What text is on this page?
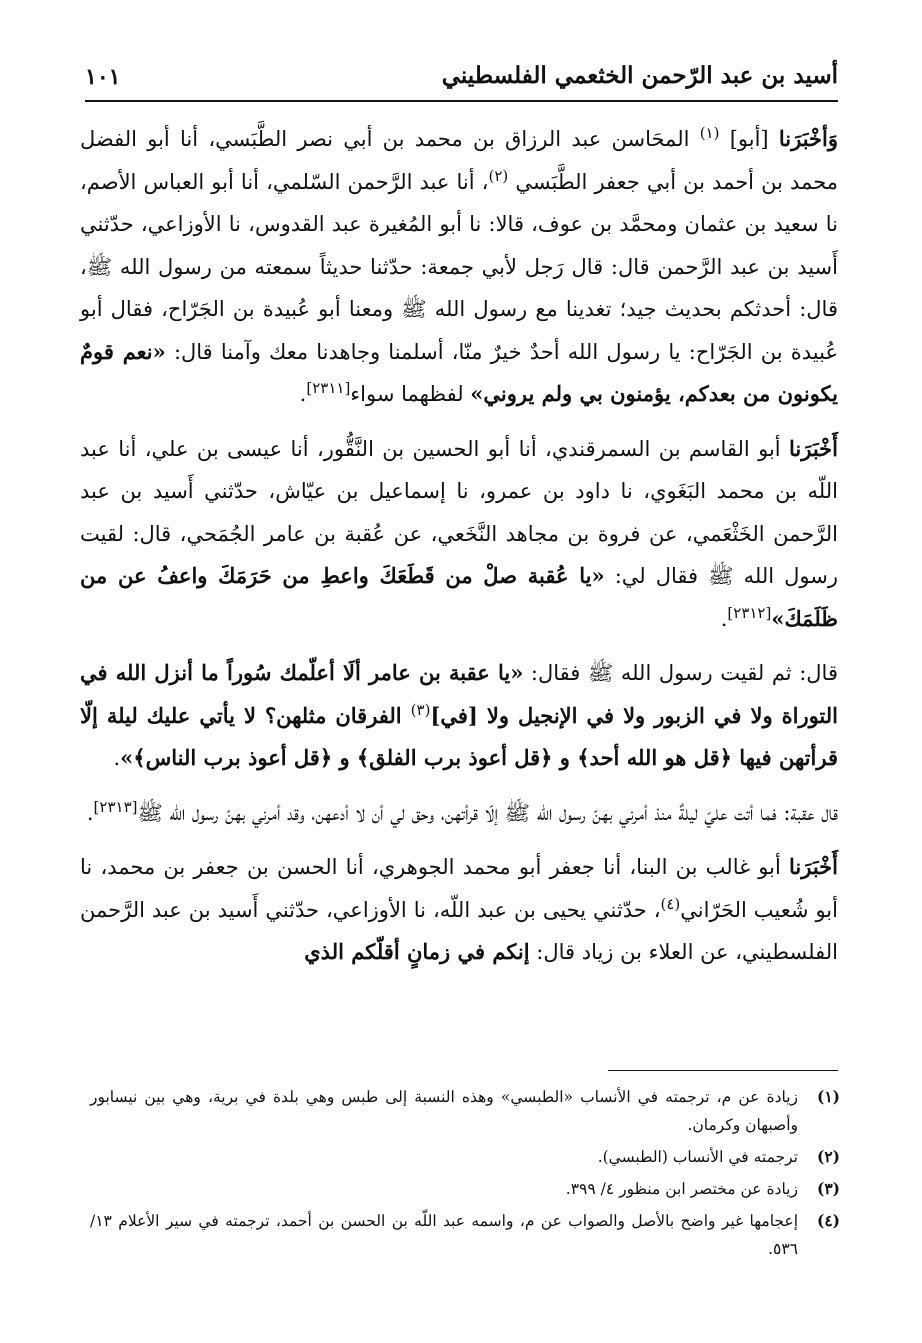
أسيد بن عبد الرّحمن الخثعمي الفلسطيني
١٠١

وَأخْبَرَنا [أبو] $^{(١)}$ المحَاسن عبد الرزاق بن محمد بن أبي نصر الطَّبَسي، أنا أبو الفضل محمد بن أحمد بن أبي جعفر الطَّبَسي $^{(٢)}$، أنا عبد الرَّحمن السّلمي، أنا أبو العباس الأصم، نا سعيد بن عثمان ومحمَّد بن عوف، قالا: نا أبو المُغيرة عبد القدوس، نا الأوزاعي، حدّثني أَسيد بن عبد الرَّحمن قال: قال رَجل لأبي جمعة: حدّثنا حديثاً سمعته من رسول الله ﷺ، قال: أحدثكم بحديث جيد؛ تغدينا مع رسول الله ﷺ ومعنا أبو عُبيدة بن الجَرّاح، فقال أبو عُبيدة بن الجَرّاح: يا رسول الله أحدٌ خيرٌ منّا، أسلمنا وجاهدنا معك وآمنا قال: «نعم قومٌ يكونون من بعدكم، يؤمنون بي ولم يروني» لفظهما سواء[٢٣١١].

أَخْبَرَنا أبو القاسم بن السمرقندي، أنا أبو الحسين بن النَّقُّور، أنا عيسى بن علي، أنا عبد اللّه بن محمد البَغَوي، نا داود بن عمرو، نا إسماعيل بن عيّاش، حدّثني أَسيد بن عبد الرَّحمن الخَثْعَمي، عن فروة بن مجاهد النَّخَعي، عن عُقبة بن عامر الجُمَحي، قال: لقيت رسول الله ﷺ فقال لي: «يا عُقبة صلْ من قَطَعَكَ واعطِ من حَرَمَكَ واعفُ عن من ظَلَمَكَ»[٢٣١٢].

قال: ثم لقيت رسول الله ﷺ فقال: «يا عقبة بن عامر ألَا أعلّمك سُوراً ما أنزل الله في التوراة ولا في الزبور ولا في الإنجيل ولا [في]$^{(٣)}$ الفرقان مثلهن؟ لا يأتي عليك ليلة إلّا قرأتهن فيها ﴿قل هو الله أحد﴾ و ﴿قل أعوذ برب الفلق﴾ و ﴿قل أعوذ برب الناس﴾».

قال عقبة: فما أتت عليّ ليلةٌ منذ أمرني بهنّ رسول الله ﷺ إلّا قرأتهن، وحق لي أن لا أدعهن، وقد أمرني بهنّ رسول الله ﷺ[٢٣١٣].

أَخْبَرَنا أبو غالب بن البنا، أنا جعفر أبو محمد الجوهري، أنا الحسن بن جعفر بن محمد، نا أبو شُعيب الحَرّاني$^{(٤)}$، حدّثني يحيى بن عبد اللّه، نا الأوزاعي، حدّثني أَسيد بن عبد الرَّحمن الفلسطيني، عن العلاء بن زياد قال: إنكم في زمانٍ أقلّكم الذي

(١)
زيادة عن م، ترجمته في الأنساب «الطبسي» وهذه النسبة إلى طبس وهي بلدة في برية، وهي بين نيسابور وأصبهان وكرمان.
(٢)
ترجمته في الأنساب (الطبسي).
(٣)
زيادة عن مختصر ابن منظور ٤/ ٣٩٩.
(٤)
إعجامها غير واضح بالأصل والصواب عن م، واسمه عبد اللّه بن الحسن بن أحمد، ترجمته في سير الأعلام ١٣/ ٥٣٦.
